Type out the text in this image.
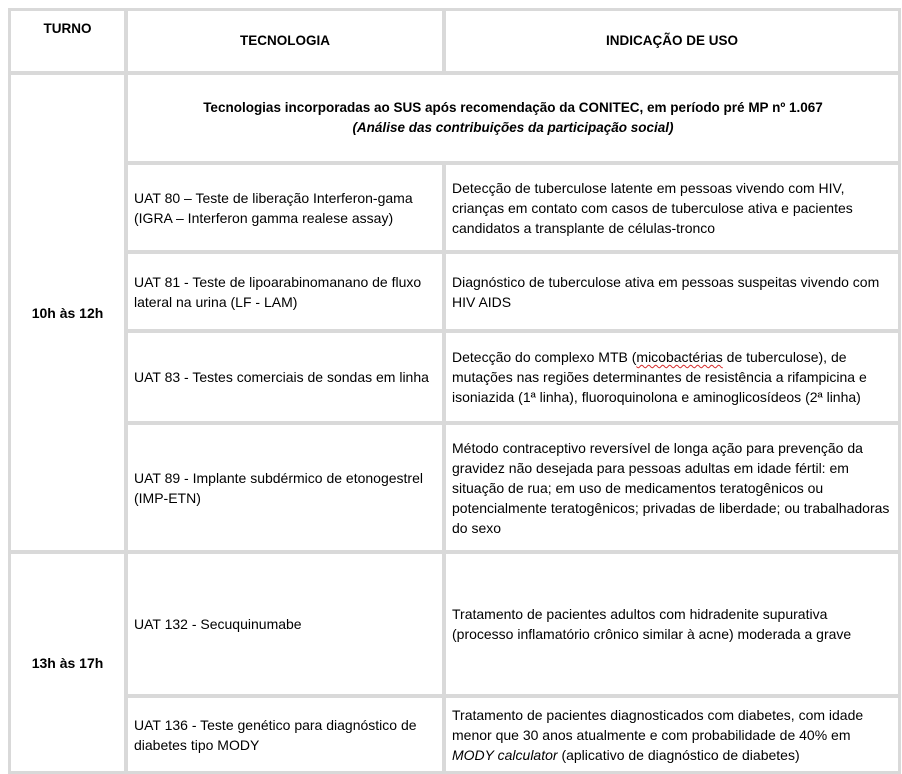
TURNO
TECNOLOGIA	INDICAÇÃO DE USO
10h às 12h
Tecnologias incorporadas ao SUS após recomendação da CONITEC, em período pré MP nº 1.067
(Análise das contribuições da participação social)
UAT 80 – Teste de liberação Interferon-gama (IGRA – Interferon gamma realese assay)
Detecção de tuberculose latente em pessoas vivendo com HIV, crianças em contato com casos de tuberculose ativa e pacientes candidatos a transplante de células-tronco
UAT 81 - Teste de lipoarabinomanano de fluxo lateral na urina (LF - LAM)
Diagnóstico de tuberculose ativa em pessoas suspeitas vivendo com HIV AIDS
UAT 83 - Testes comerciais de sondas em linha
Detecção do complexo MTB (micobactérias de tuberculose), de mutações nas regiões determinantes de resistência a rifampicina e isoniazida (1ª linha), fluoroquinolona e aminoglicosídeos (2ª linha)
UAT 89 - Implante subdérmico de etonogestrel (IMP-ETN)
Método contraceptivo reversível de longa ação para prevenção da gravidez não desejada para pessoas adultas em idade fértil: em situação de rua; em uso de medicamentos teratogênicos ou potencialmente teratogênicos; privadas de liberdade; ou trabalhadoras do sexo
13h às 17h
UAT 132 - Secuquinumabe
Tratamento de pacientes adultos com hidradenite supurativa (processo inflamatório crônico similar à acne) moderada a grave
UAT 136 - Teste genético para diagnóstico de diabetes tipo MODY
Tratamento de pacientes diagnosticados com diabetes, com idade menor que 30 anos atualmente e com probabilidade de 40% em MODY calculator (aplicativo de diagnóstico de diabetes)
